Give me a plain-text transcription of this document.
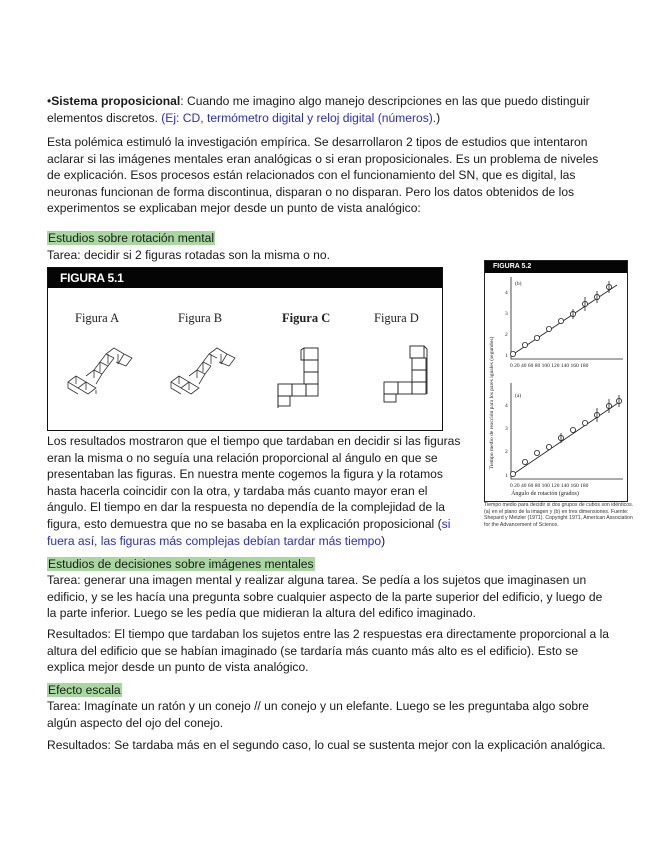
•Sistema proposicional: Cuando me imagino algo manejo descripciones en las que puedo distinguir elementos discretos. (Ej: CD, termómetro digital y reloj digital (números).)

Esta polémica estimuló la investigación empírica. Se desarrollaron 2 tipos de estudios que intentaron aclarar si las imágenes mentales eran analógicas o si eran proposicionales. Es un problema de niveles de explicación. Esos procesos están relacionados con el funcionamiento del SN, que es digital, las neuronas funcionan de forma discontinua, disparan o no disparan. Pero los datos obtenidos de los experimentos se explicaban mejor desde un punto de vista analógico:

Estudios sobre rotación mental

Tarea: decidir si 2 figuras rotadas son la misma o no.

FIGURA 5.1
Figura A	Figura B	Figura C	Figura D
FIGURA 5.2
Tiempo medio de reacción para los pares iguales (segundos)
Ángulo de rotación (grados)
(b)
(a)
4
3
2
1
0 20 40 60 80 100 120 140 160 180
4
3
2
1
0 20 40 60 80 100 120 140 160 180
Tiempo medio para decidir si dos grupos de cubos son idénticos. (a) en el plano de la imagen y (b) en tres dimensiones. Fuente: Shepard y Metzler (1971). Copyright 1971, American Association for the Advancement of Science.

Los resultados mostraron que el tiempo que tardaban en decidir si las figuras eran la misma o no seguía una relación proporcional al ángulo en que se presentaban las figuras. En nuestra mente cogemos la figura y la rotamos hasta hacerla coincidir con la otra, y tardaba más cuanto mayor eran el ángulo. El tiempo en dar la respuesta no dependía de la complejidad de la figura, esto demuestra que no se basaba en la explicación proposicional (si fuera así, las figuras más complejas debían tardar más tiempo)

Estudios de decisiones sobre imágenes mentales

Tarea: generar una imagen mental y realizar alguna tarea. Se pedía a los sujetos que imaginasen un edificio, y se les hacía una pregunta sobre cualquier aspecto de la parte superior del edificio, y luego de la parte inferior. Luego se les pedía que midieran la altura del edifico imaginado.

Resultados: El tiempo que tardaban los sujetos entre las 2 respuestas era directamente proporcional a la altura del edificio que se habían imaginado (se tardaría más cuanto más alto es el edificio). Esto se explica mejor desde un punto de vista analógico.

Efecto escala

Tarea: Imagínate un ratón y un conejo // un conejo y un elefante. Luego se les preguntaba algo sobre algún aspecto del ojo del conejo.

Resultados: Se tardaba más en el segundo caso, lo cual se sustenta mejor con la explicación analógica.
